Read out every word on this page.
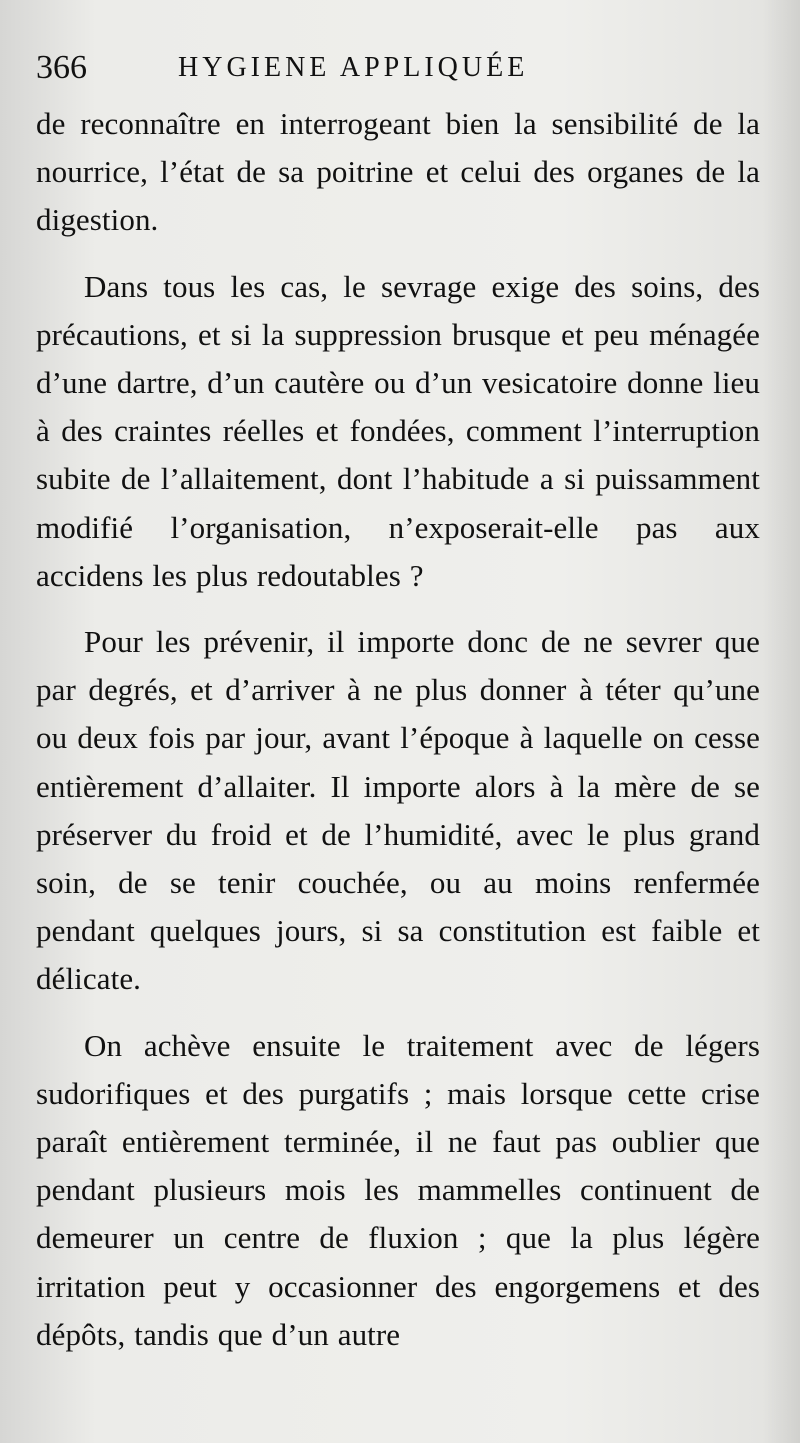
366	HYGIENE APPLIQUÉE

de reconnaître en interrogeant bien la sensibilité de la nourrice, l’état de sa poitrine et celui des organes de la digestion.

Dans tous les cas, le sevrage exige des soins, des précautions, et si la suppression brusque et peu ménagée d’une dartre, d’un cautère ou d’un vesicatoire donne lieu à des craintes réelles et fondées, comment l’interruption subite de l’allaitement, dont l’habitude a si puissamment modifié l’organisation, n’exposerait-elle pas aux accidens les plus redoutables ?

Pour les prévenir, il importe donc de ne sevrer que par degrés, et d’arriver à ne plus donner à téter qu’une ou deux fois par jour, avant l’époque à laquelle on cesse entièrement d’allaiter. Il importe alors à la mère de se préserver du froid et de l’humidité, avec le plus grand soin, de se tenir couchée, ou au moins renfermée pendant quelques jours, si sa constitution est faible et délicate.

On achève ensuite le traitement avec de légers sudorifiques et des purgatifs ; mais lorsque cette crise paraît entièrement terminée, il ne faut pas oublier que pendant plusieurs mois les mammelles continuent de demeurer un centre de fluxion ; que la plus légère irritation peut y occasionner des engorgemens et des dépôts, tandis que d’un autre
